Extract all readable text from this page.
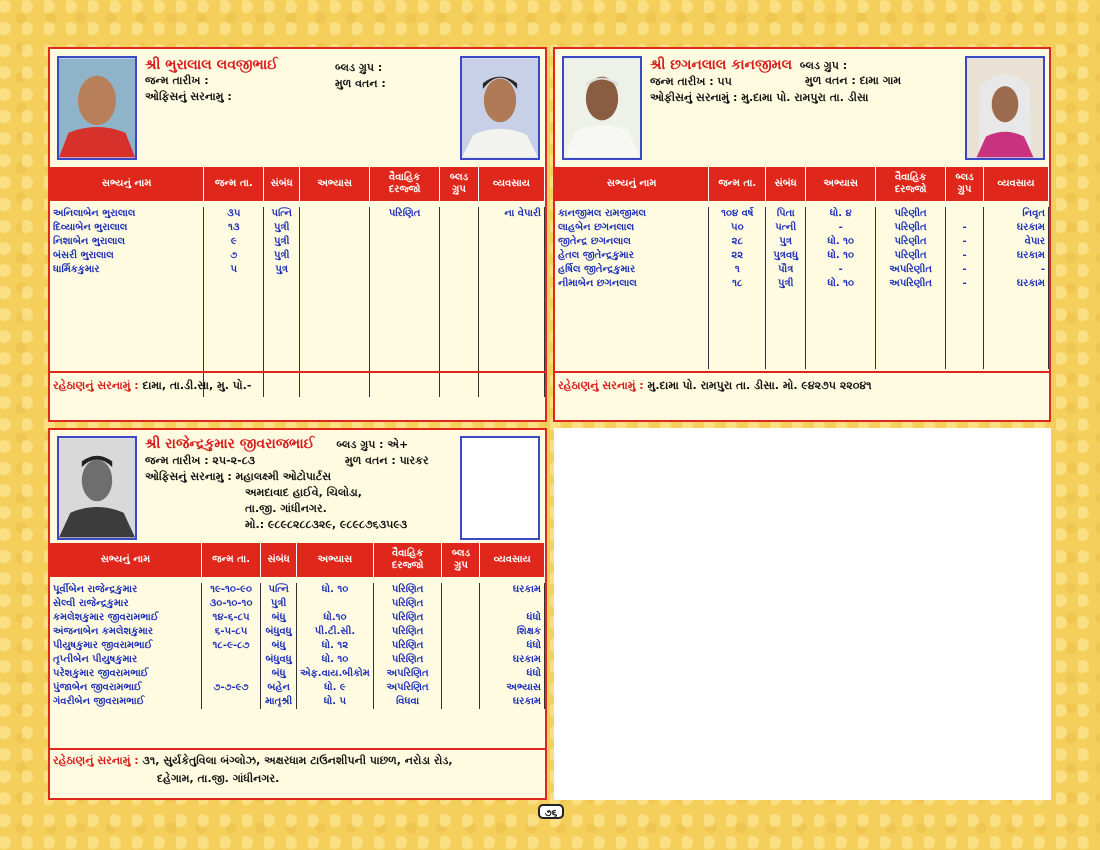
શ્રી ભુરાલાલ લવજીભાઈ
જન્મ તારીખ :
ઓફિસનું સરનામુ :
બ્લડ ગ્રુપ :
મુળ વતન :
સભ્યનું નામ	જન્મ તા.	સંબંધ	અભ્યાસ	વૈવાહિક દરજ્જો	બ્લડ ગ્રુપ	વ્યવસાય

અનિલાબેન ભુરાલાલ	૩૫	પત્નિ		પરિણિત		ના વેપારી
દિવ્યાબેન ભુરાલાલ	૧૩	પુત્રી				
નિશાબેન ભુરાલાલ	૯	પુત્રી				
બંસરી ભુરાલાલ	૭	પુત્રી				
ધાર્મિકકુમાર	૫	પુત્ર				

રહેઠાણનું સરનામું : દામા, તા.ડી.સા, મુ. પો.-
શ્રી છગનલાલ કાનજીમલ બ્લડ ગ્રુપ :
જન્મ તારીખ : ૫૫
ઓફીસનું સરનામું : મુ.દામા પો. રામપુરા તા. ડીસા
મુળ વતન : દામા ગામ
સભ્યનું નામ	જન્મ તા.	સંબંધ	અભ્યાસ	વૈવાહિક દરજ્જો	બ્લડ ગ્રુપ	વ્યવસાય

કાનજીમલ રામજીમલ	૧૦૪ વર્ષ	પિતા	ધો. ૪	પરિણીત		નિવૃત
લાહબેન છગનલાલ	૫૦	પત્ની	-	પરિણીત	-	ઘરકામ
જીતેન્દ્ર છગનલાલ	૨૮	પુત્ર	ધો. ૧૦	પરિણીત	-	વેપાર
હેતલ જીતેન્દ્રકુમાર	૨૨	પુત્રવધુ	ધો. ૧૦	પરિણીત	-	ઘરકામ
હર્ષિલ જીતેન્દ્રકુમાર	૧	પૌત્ર	-	અપરિણીત	-	-
નીમાબેન છગનલાલ	૧૮	પુત્રી	ધો. ૧૦	અપરિણીત	-	ઘરકામ

રહેઠાણનું સરનામું : મુ.દામા પો. રામપુરા તા. ડીસા. મો. ૯૪૨૭૫ ૨૨૦૪૧
શ્રી રાજેન્દ્રકુમાર જીવરાજભાઈ બ્લડ ગ્રુપ : એ+
જન્મ તારીખ : ૨૫-૨-૮૩
ઓફિસનું સરનામુ : મહાલક્ષ્મી ઓટોપાર્ટસ
અમદાવાદ હાઈવે, ચિલોડા,
તા.જી. ગાંધીનગર.
મો.: ૯૮૯૮૨૮૮૩૨૯, ૯૮૯૮૭૬૩૫૯૩
મુળ વતન : પારકર
સભ્યનું નામ	જન્મ તા.	સંબંધ	અભ્યાસ	વૈવાહિક દરજ્જો	બ્લડ ગ્રુપ	વ્યવસાય

પૂર્વીબેન રાજેન્દ્રકુમાર	૧૯-૧૦-૯૦	પત્નિ	ધો. ૧૦	પરિણિત		ઘરકામ
સેલ્વી રાજેન્દ્રકુમાર	૩૦-૧૦-૧૦	પુત્રી		પરિણિત		
કમલેશકુમાર જીવરામભાઈ	૧૪-૬-૮૫	બંધુ	ધો.૧૦	પરિણિત		ધંધો
અંજનાબેન કમલેશકુમાર	૬-૫-૮૫	બંધુવધુ	પી.ટી.સી.	પરિણિત		શિક્ષક
પીયુષકુમાર જીવરામભાઈ	૧૮-૯-૮૭	બંધુ	ધો. ૧૨	પરિણિત		ધંધો
તૃપ્તીબેન પીયુષકુમાર		બંધુવધુ	ધો. ૧૦	પરિણિત		ઘરકામ
પરેશકુમાર જીવરામભાઈ		બંધુ	એફ.વાય.બીકોમ	અપરિણિત		ધંધો
પુંજાબેન જીવરામભાઈ	૭-૭-૯૭	બહેન	ધો. ૯	અપરિણિત		અભ્યાસ
ગંવરીબેન જીવરામભાઈ		માતૃશ્રી	ધો. ૫	વિધવા		ઘરકામ
રહેઠાણનું સરનામું : ૩૧, સુર્યકેતુવિલા બંગ્લોઝ, અક્ષરધામ ટાઉનશીપની પાછળ, નરોડા રોડ,
દહેગામ, તા.જી. ગાંધીનગર.
૭૬
